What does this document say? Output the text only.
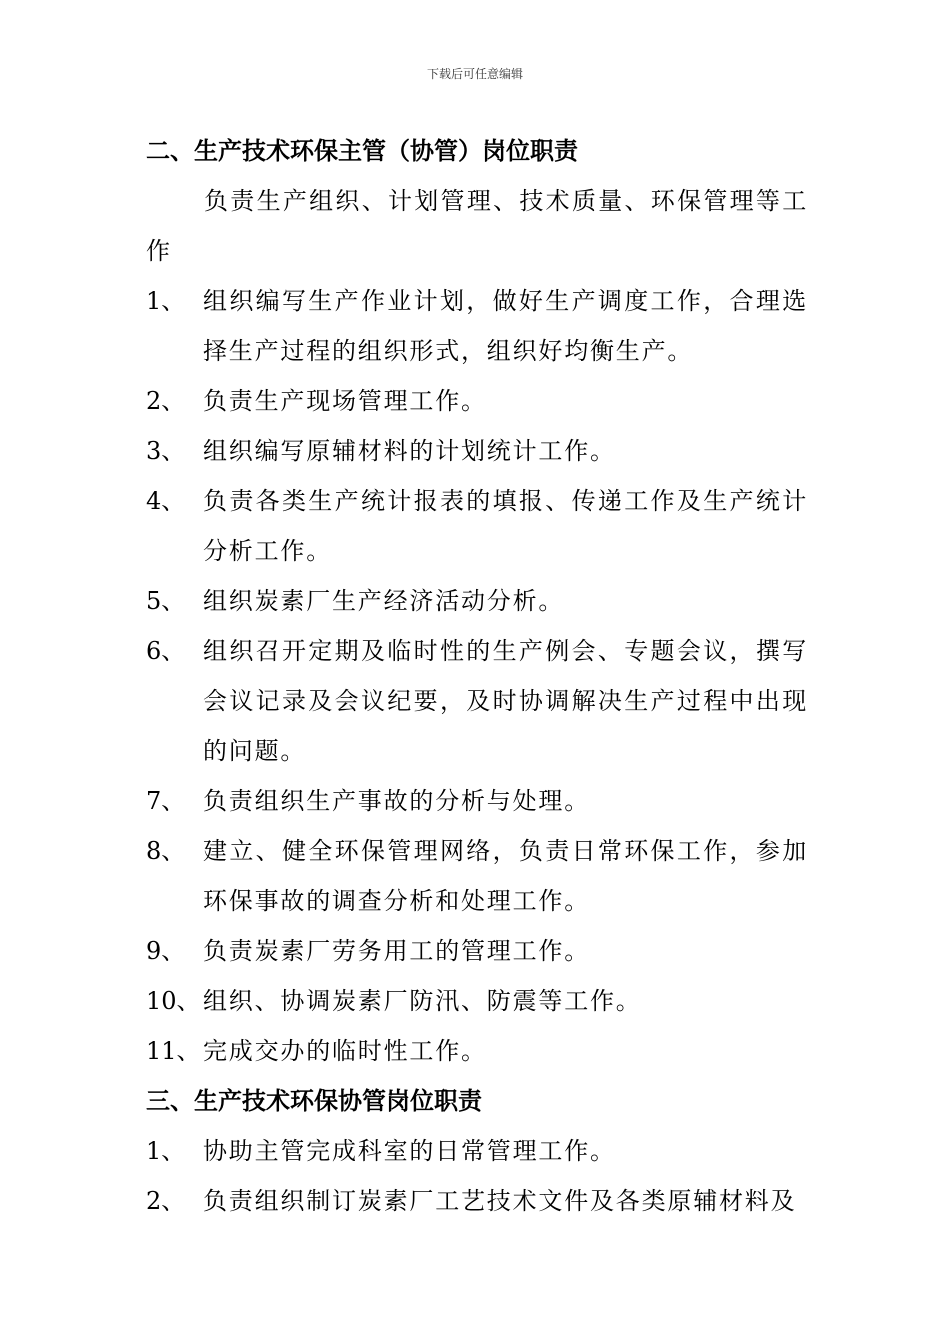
下载后可任意编辑
二、生产技术环保主管（协管）岗位职责
负责生产组织、计划管理、技术质量、环保管理等工作
1、 组织编写生产作业计划，做好生产调度工作，合理选择生产过程的组织形式，组织好均衡生产。
2、 负责生产现场管理工作。
3、 组织编写原辅材料的计划统计工作。
4、 负责各类生产统计报表的填报、传递工作及生产统计分析工作。
5、 组织炭素厂生产经济活动分析。
6、 组织召开定期及临时性的生产例会、专题会议，撰写会议记录及会议纪要，及时协调解决生产过程中出现的问题。
7、 负责组织生产事故的分析与处理。
8、 建立、健全环保管理网络，负责日常环保工作，参加环保事故的调查分析和处理工作。
9、 负责炭素厂劳务用工的管理工作。
10、 组织、协调炭素厂防汛、防震等工作。
11、 完成交办的临时性工作。
三、生产技术环保协管岗位职责
1、 协助主管完成科室的日常管理工作。
2、 负责组织制订炭素厂工艺技术文件及各类原辅材料及
